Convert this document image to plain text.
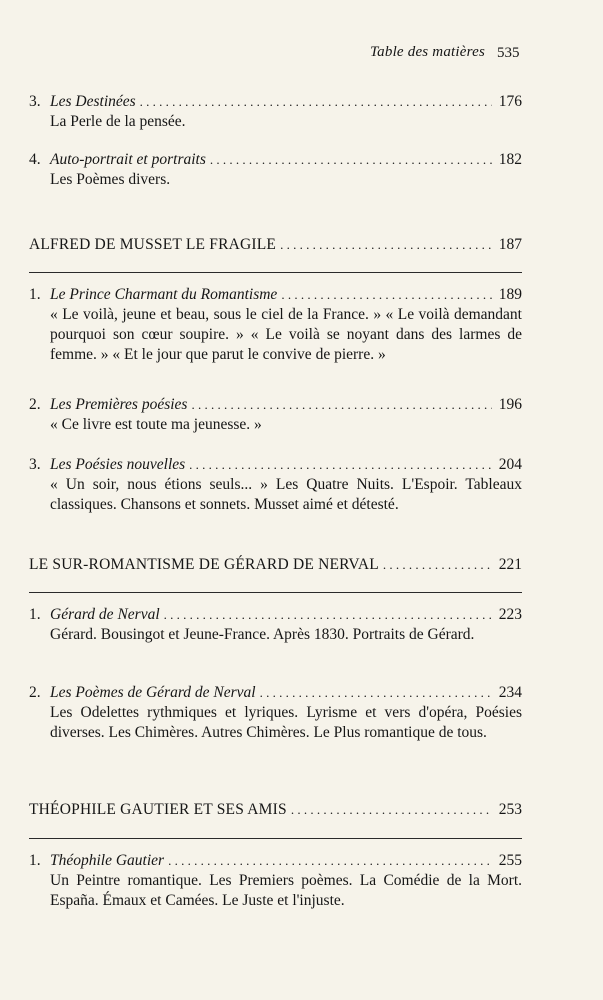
Table des matières 535
3. Les Destinées . . .	176
La Perle de la pensée.
4. Auto-portrait et portraits . . .	182
Les Poèmes divers.
ALFRED DE MUSSET LE FRAGILE . . .	187
1. Le Prince Charmant du Romantisme . . .	189
« Le voilà, jeune et beau, sous le ciel de la France. » « Le voilà demandant pourquoi son cœur soupire. » « Le voilà se noyant dans des larmes de femme. » « Et le jour que parut le convive de pierre. »
2. Les Premières poésies . . .	196
« Ce livre est toute ma jeunesse. »
3. Les Poésies nouvelles . . .	204
« Un soir, nous étions seuls... » Les Quatre Nuits. L'Espoir. Tableaux classiques. Chansons et sonnets. Musset aimé et détesté.
LE SUR-ROMANTISME DE GÉRARD DE NERVAL . . .	221
1. Gérard de Nerval . . .	223
Gérard. Bousingot et Jeune-France. Après 1830. Portraits de Gérard.
2. Les Poèmes de Gérard de Nerval . . .	234
Les Odelettes rythmiques et lyriques. Lyrisme et vers d'opéra, Poésies diverses. Les Chimères. Autres Chimères. Le Plus romantique de tous.
THÉOPHILE GAUTIER ET SES AMIS . . .	253
1. Théophile Gautier . . .	255
Un Peintre romantique. Les Premiers poèmes. La Comédie de la Mort. España. Émaux et Camées. Le Juste et l'injuste.
